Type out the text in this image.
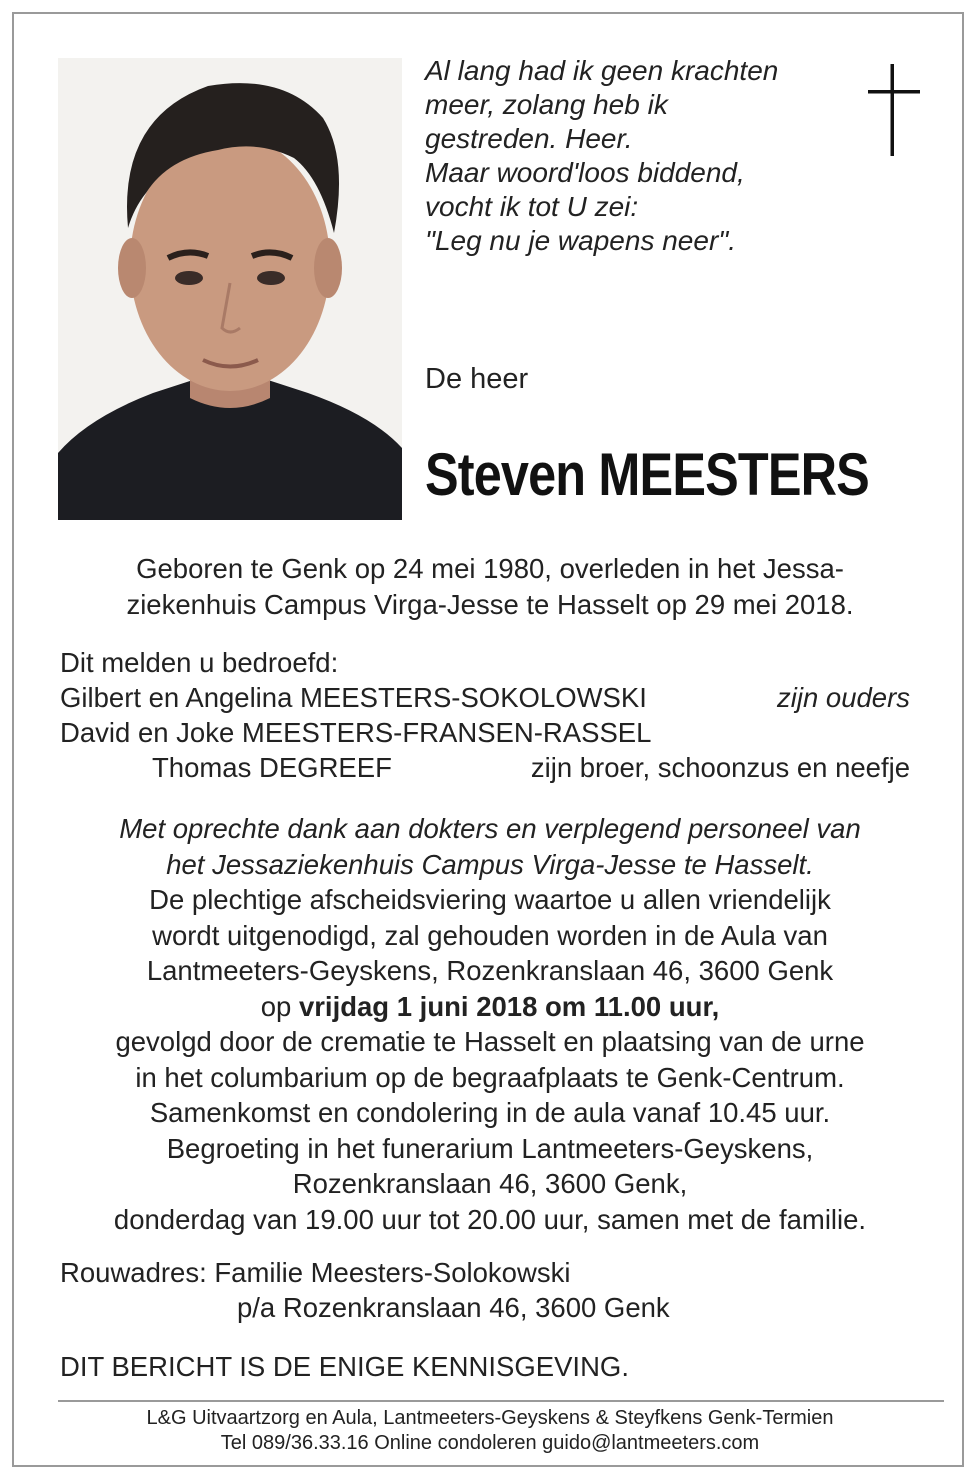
Al lang had ik geen krachten
meer, zolang heb ik
gestreden. Heer.
Maar woord'loos biddend,
vocht ik tot U zei:
"Leg nu je wapens neer".
De heer
Steven MEESTERS
Geboren te Genk op 24 mei 1980, overleden in het Jessa-
ziekenhuis Campus Virga-Jesse te Hasselt op 29 mei 2018.
Dit melden u bedroefd:
Gilbert en Angelina MEESTERS-SOKOLOWSKI	zijn ouders
David en Joke MEESTERS-FRANSEN-RASSEL
Thomas DEGREEF	zijn broer, schoonzus en neefje
Met oprechte dank aan dokters en verplegend personeel van
het Jessaziekenhuis Campus Virga-Jesse te Hasselt.
De plechtige afscheidsviering waartoe u allen vriendelijk
wordt uitgenodigd, zal gehouden worden in de Aula van
Lantmeeters-Geyskens, Rozenkranslaan 46, 3600 Genk
op vrijdag 1 juni 2018 om 11.00 uur,
gevolgd door de crematie te Hasselt en plaatsing van de urne
in het columbarium op de begraafplaats te Genk-Centrum.
Samenkomst en condolering in de aula vanaf 10.45 uur.
Begroeting in het funerarium Lantmeeters-Geyskens,
Rozenkranslaan 46, 3600 Genk,
donderdag van 19.00 uur tot 20.00 uur, samen met de familie.
Rouwadres: Familie Meesters-Solokowski
p/a Rozenkranslaan 46, 3600 Genk
DIT BERICHT IS DE ENIGE KENNISGEVING.
L&G Uitvaartzorg en Aula, Lantmeeters-Geyskens & Steyfkens Genk-Termien
Tel 089/36.33.16 Online condoleren guido@lantmeeters.com
